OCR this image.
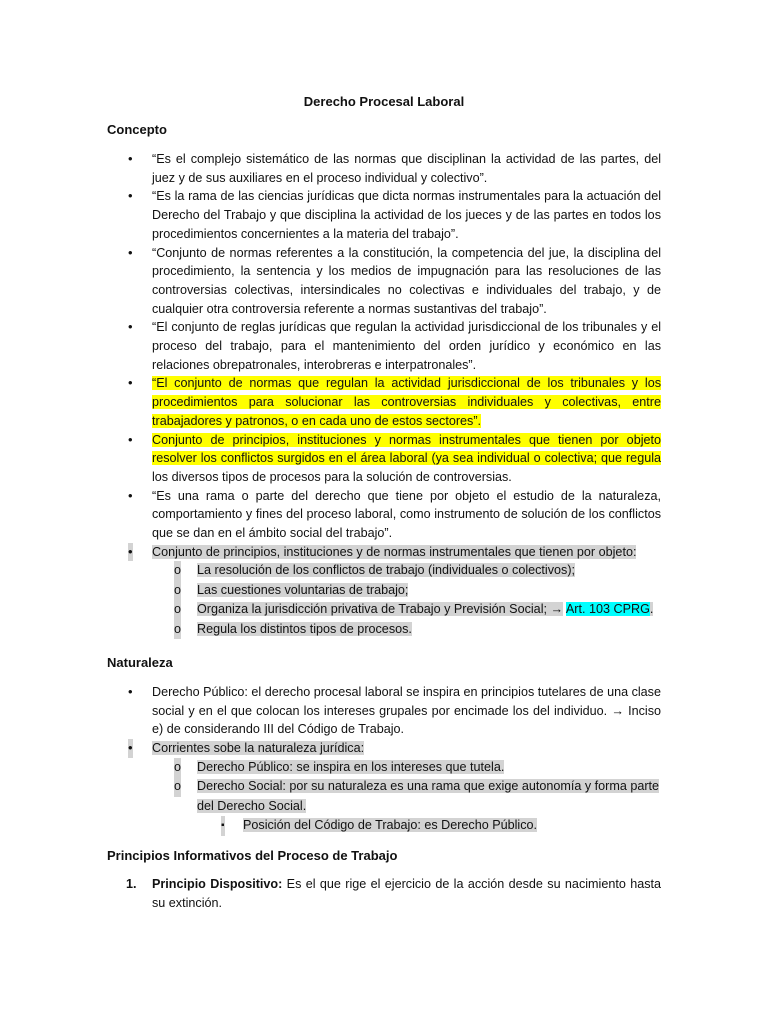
Derecho Procesal Laboral
Concepto
• “Es el complejo sistemático de las normas que disciplinan la actividad de las partes, del juez y de sus auxiliares en el proceso individual y colectivo”.
• “Es la rama de las ciencias jurídicas que dicta normas instrumentales para la actuación del Derecho del Trabajo y que disciplina la actividad de los jueces y de las partes en todos los procedimientos concernientes a la materia del trabajo”.
• “Conjunto de normas referentes a la constitución, la competencia del jue, la disciplina del procedimiento, la sentencia y los medios de impugnación para las resoluciones de las controversias colectivas, intersindicales no colectivas e individuales del trabajo, y de cualquier otra controversia referente a normas sustantivas del trabajo”.
• “El conjunto de reglas jurídicas que regulan la actividad jurisdiccional de los tribunales y el proceso del trabajo, para el mantenimiento del orden jurídico y económico en las relaciones obrepatronales, interobreras e interpatronales”.
• “El conjunto de normas que regulan la actividad jurisdiccional de los tribunales y los procedimientos para solucionar las controversias individuales y colectivas, entre trabajadores y patronos, o en cada uno de estos sectores”.
• Conjunto de principios, instituciones y normas instrumentales que tienen por objeto resolver los conflictos surgidos en el área laboral (ya sea individual o colectiva; que regula los diversos tipos de procesos para la solución de controversias.
• “Es una rama o parte del derecho que tiene por objeto el estudio de la naturaleza, comportamiento y fines del proceso laboral, como instrumento de solución de los conflictos que se dan en el ámbito social del trabajo”.
• Conjunto de principios, instituciones y de normas instrumentales que tienen por objeto:
o La resolución de los conflictos de trabajo (individuales o colectivos);
o Las cuestiones voluntarias de trabajo;
o Organiza la jurisdicción privativa de Trabajo y Previsión Social; → Art. 103 CPRG.
o Regula los distintos tipos de procesos.
Naturaleza
• Derecho Público: el derecho procesal laboral se inspira en principios tutelares de una clase social y en el que colocan los intereses grupales por encimade los del individuo. → Inciso e) de considerando III del Código de Trabajo.
• Corrientes sobe la naturaleza jurídica:
o Derecho Público: se inspira en los intereses que tutela.
o Derecho Social: por su naturaleza es una rama que exige autonomía y forma parte del Derecho Social.
▪ Posición del Código de Trabajo: es Derecho Público.
Principios Informativos del Proceso de Trabajo
1. Principio Dispositivo: Es el que rige el ejercicio de la acción desde su nacimiento hasta su extinción.
